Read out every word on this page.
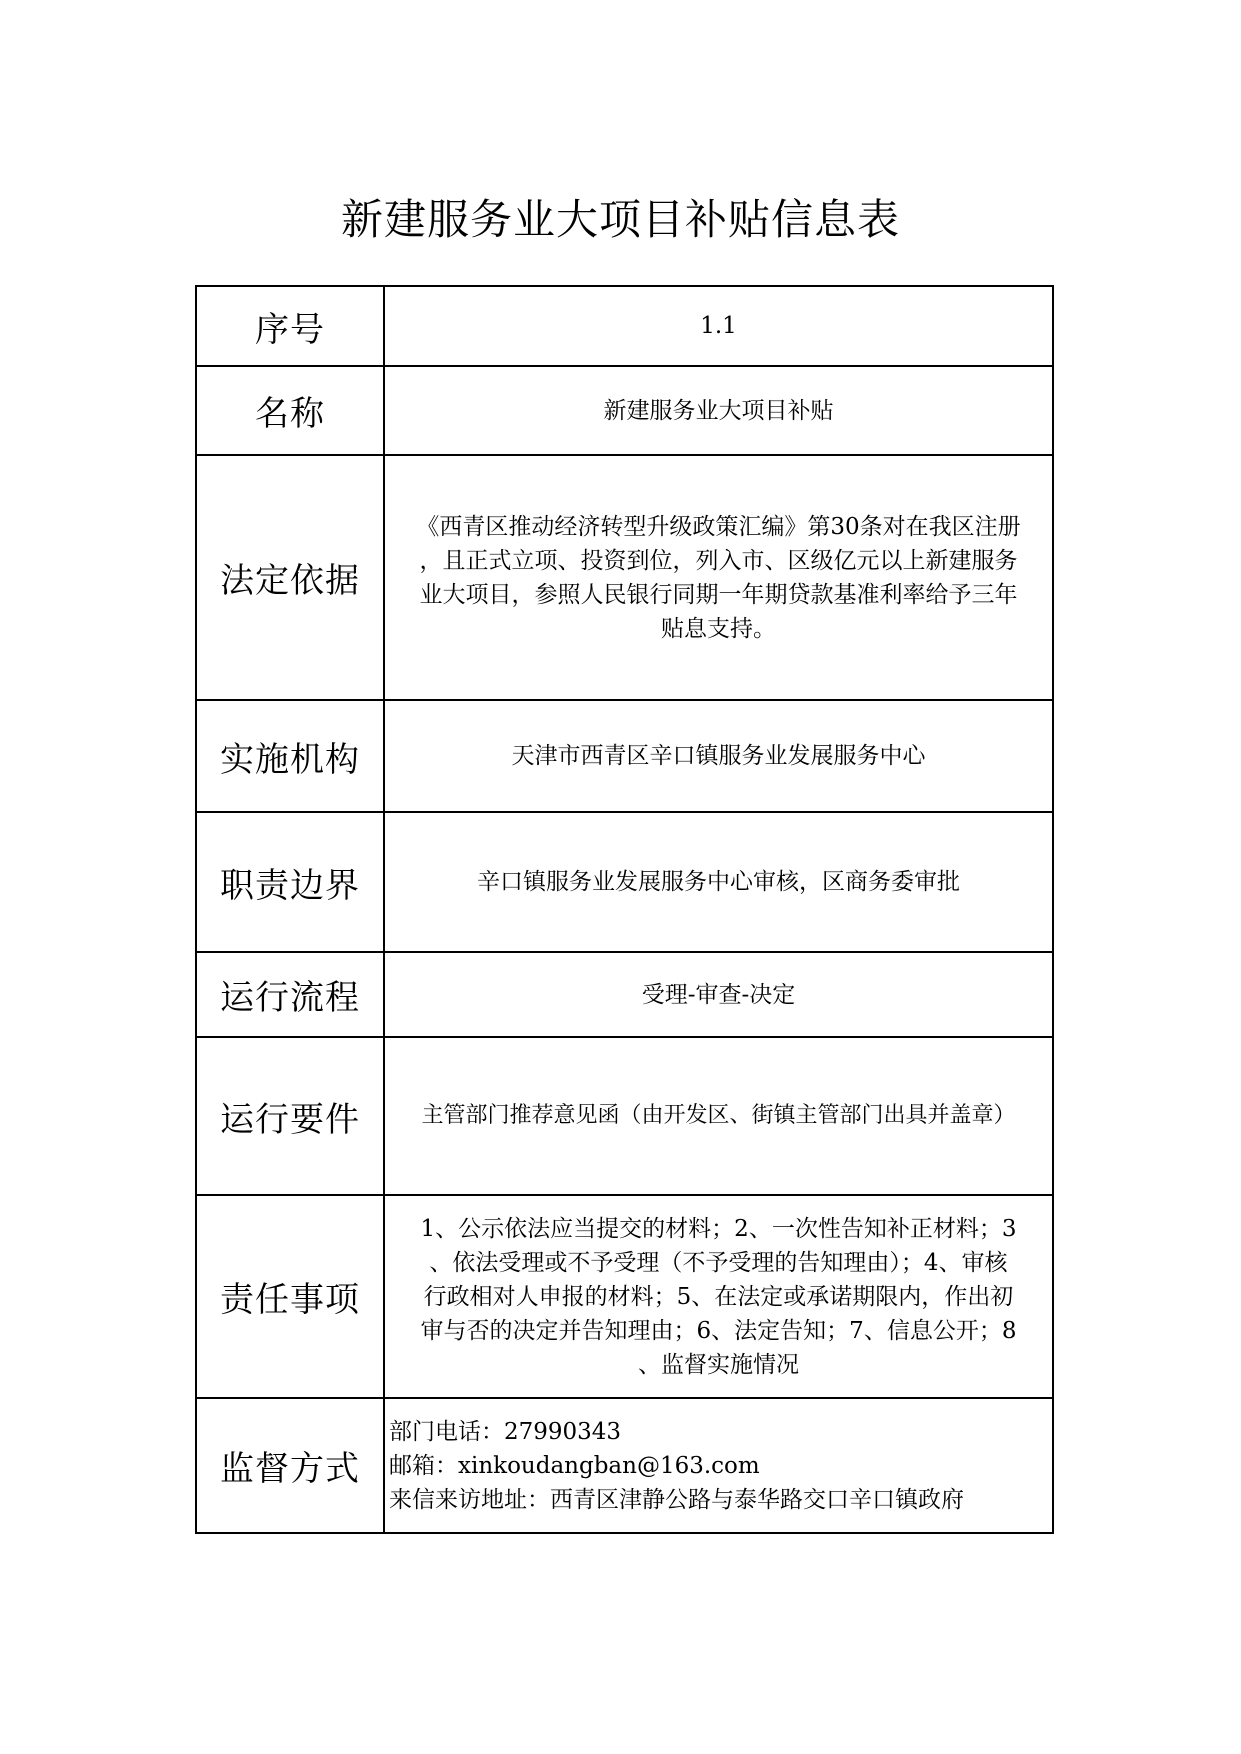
新建服务业大项目补贴信息表
序号	1.1
名称	新建服务业大项目补贴
法定依据	《西青区推动经济转型升级政策汇编》第30条对在我区注册
，且正式立项、投资到位，列入市、区级亿元以上新建服务
业大项目，参照人民银行同期一年期贷款基准利率给予三年
贴息支持。

实施机构	天津市西青区辛口镇服务业发展服务中心
职责边界	辛口镇服务业发展服务中心审核，区商务委审批
运行流程	受理-审查-决定
运行要件	主管部门推荐意见函（由开发区、街镇主管部门出具并盖章）
责任事项	1、公示依法应当提交的材料；2、一次性告知补正材料；3
、依法受理或不予受理（不予受理的告知理由）；4、审核
行政相对人申报的材料；5、在法定或承诺期限内，作出初
审与否的决定并告知理由；6、法定告知；7、信息公开；8
、监督实施情况

监督方式	部门电话：27990343
邮箱：xinkoudangban@163.com
来信来访地址：西青区津静公路与泰华路交口辛口镇政府
